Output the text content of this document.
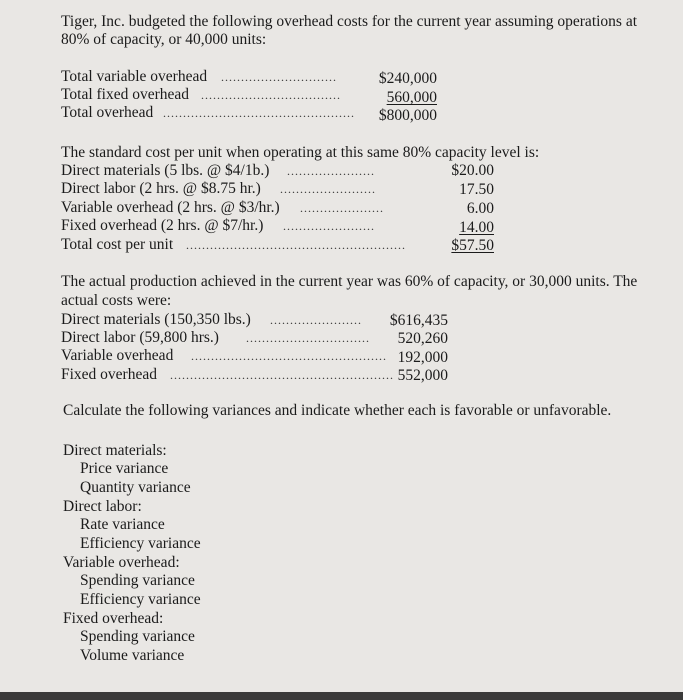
Tiger, Inc. budgeted the following overhead costs for the current year assuming operations at
80% of capacity, or 40,000 units:
Total variable overhead .............................	$240,000
Total fixed overhead ...................................	560,000
Total overhead ................................................	$800,000
The standard cost per unit when operating at this same 80% capacity level is:
Direct materials (5 lbs. @ $4/1b.) ......................	$20.00
Direct labor (2 hrs. @ $8.75 hr.) ........................	17.50
Variable overhead (2 hrs. @ $3/hr.) .....................	6.00
Fixed overhead (2 hrs. @ $7/hr.) .......................	14.00
Total cost per unit .......................................................	$57.50
The actual production achieved in the current year was 60% of capacity, or 30,000 units. The
actual costs were:
Direct materials (150,350 lbs.) .......................	$616,435
Direct labor (59,800 hrs.) ...............................	520,260
Variable overhead ................................................. 192,000
Fixed overhead ........................................................ 552,000
Calculate the following variances and indicate whether each is favorable or unfavorable.
Direct materials:
Price variance
Quantity variance
Direct labor:
Rate variance
Efficiency variance
Variable overhead:
Spending variance
Efficiency variance
Fixed overhead:
Spending variance
Volume variance
